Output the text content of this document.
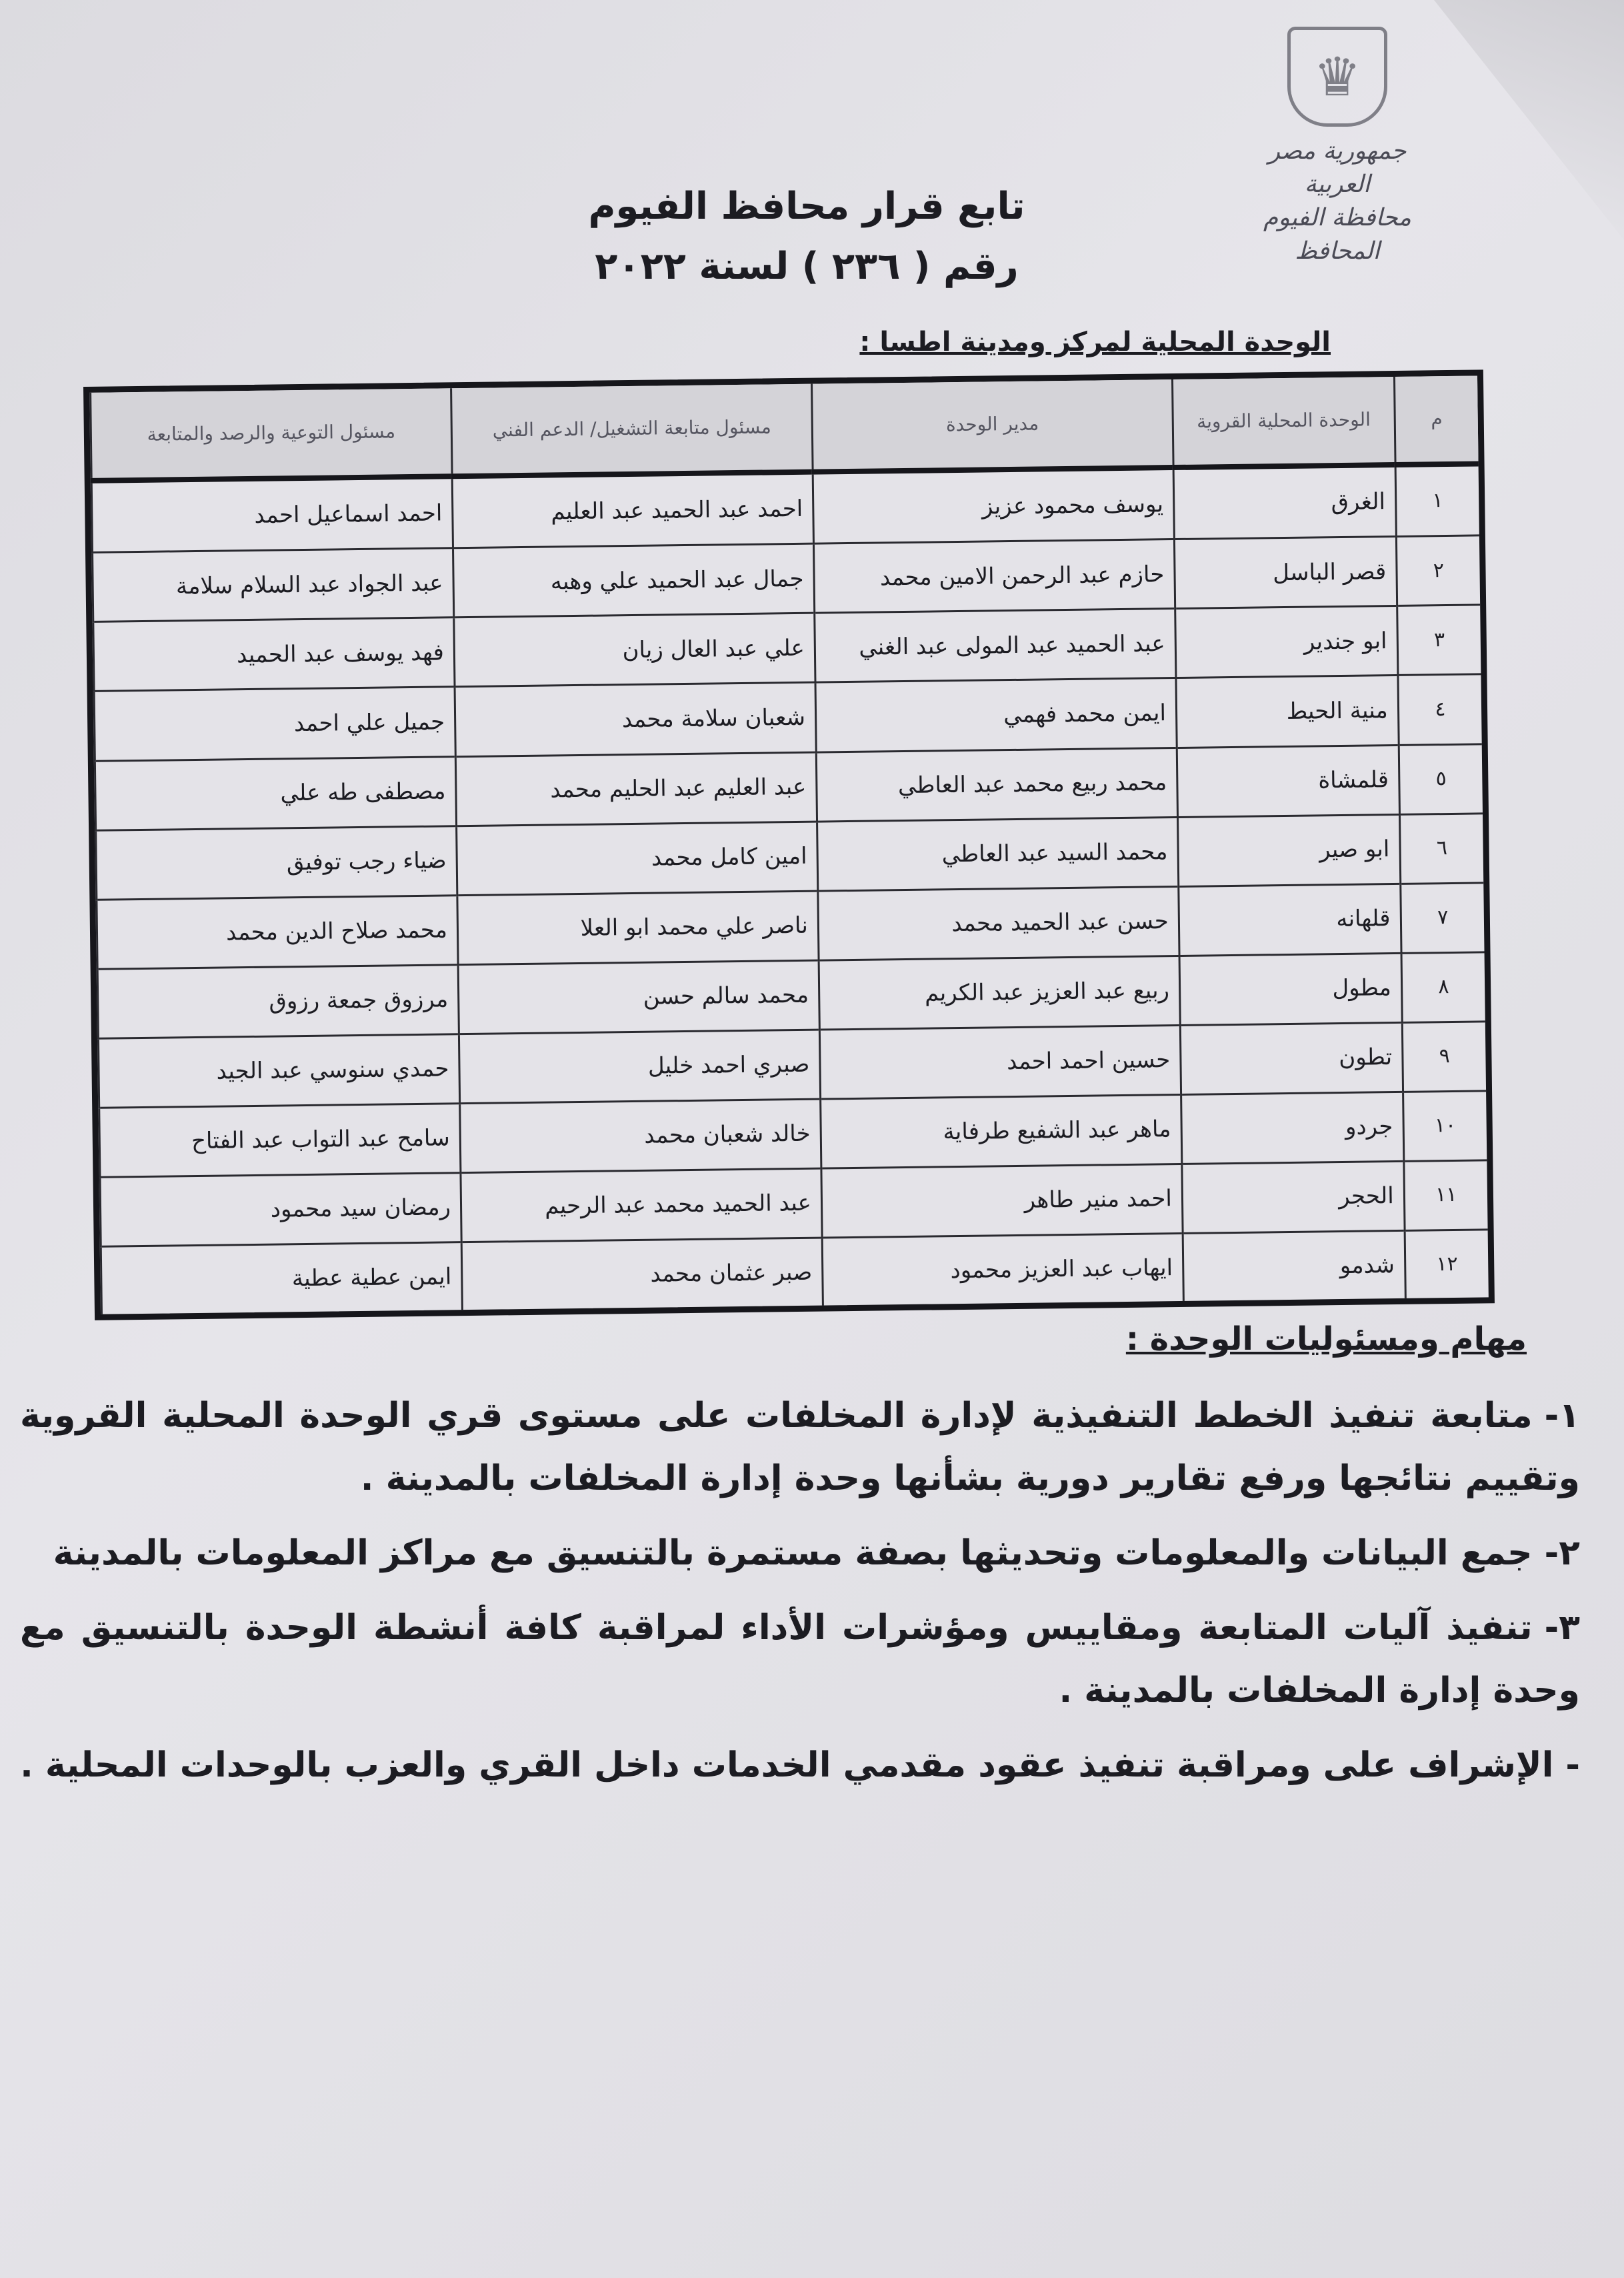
♛
جمهورية مصر العربية
محافظة الفيوم
المحافظ
تابع قرار محافظ الفيوم
رقم ( ٢٣٦ ) لسنة ٢٠٢٢
الوحدة المحلية لمركز ومدينة اطسا :
م	الوحدة المحلية القروية	مدير الوحدة	مسئول متابعة التشغيل/ الدعم الفني	مسئول التوعية والرصد والمتابعة
١	الغرق	يوسف محمود عزيز	احمد عبد الحميد عبد العليم	احمد اسماعيل احمد
٢	قصر الباسل	حازم عبد الرحمن الامين محمد	جمال عبد الحميد علي وهبه	عبد الجواد عبد السلام سلامة
٣	ابو جندير	عبد الحميد عبد المولى عبد الغني	علي عبد العال زيان	فهد يوسف عبد الحميد
٤	منية الحيط	ايمن محمد فهمي	شعبان سلامة محمد	جميل علي احمد
٥	قلمشاة	محمد ربيع محمد عبد العاطي	عبد العليم عبد الحليم محمد	مصطفى طه علي
٦	ابو صير	محمد السيد عبد العاطي	امين كامل محمد	ضياء رجب توفيق
٧	قلهانه	حسن عبد الحميد محمد	ناصر علي محمد ابو العلا	محمد صلاح الدين محمد
٨	مطول	ربيع عبد العزيز عبد الكريم	محمد سالم حسن	مرزوق جمعة رزوق
٩	تطون	حسين احمد احمد	صبري احمد خليل	حمدي سنوسي عبد الجيد
١٠	جردو	ماهر عبد الشفيع طرفاية	خالد شعبان محمد	سامح عبد التواب عبد الفتاح
١١	الحجر	احمد منير طاهر	عبد الحميد محمد عبد الرحيم	رمضان سيد محمود
١٢	شدمو	ايهاب عبد العزيز محمود	صبر عثمان محمد	ايمن عطية عطية
مهام ومسئوليات الوحدة :
١-متابعة تنفيذ الخطط التنفيذية لإدارة المخلفات على مستوى قري الوحدة المحلية القروية وتقييم نتائجها ورفع تقارير دورية بشأنها وحدة إدارة المخلفات بالمدينة .
٢-جمع البيانات والمعلومات وتحديثها بصفة مستمرة بالتنسيق مع مراكز المعلومات بالمدينة
٣-تنفيذ آليات المتابعة ومقاييس ومؤشرات الأداء لمراقبة كافة أنشطة الوحدة بالتنسيق مع وحدة إدارة المخلفات بالمدينة .
-الإشراف على ومراقبة تنفيذ عقود مقدمي الخدمات داخل القري والعزب بالوحدات المحلية .
